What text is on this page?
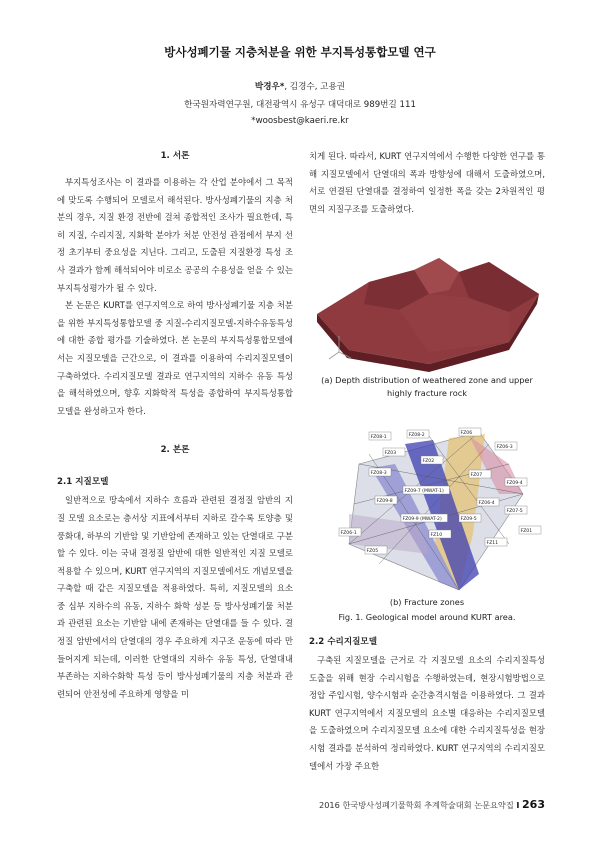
방사성폐기물 지층처분을 위한 부지특성통합모델 연구
박경우*, 김경수, 고용권
한국원자력연구원, 대전광역시 유성구 대덕대로 989번길 111
*woosbest@kaeri.re.kr
1. 서론

부지특성조사는 이 결과를 이용하는 각 산업 분야에서 그 목적에 맞도록 수행되어 모델로서 해석된다. 방사성폐기물의 지층 처분의 경우, 지질 환경 전반에 걸쳐 종합적인 조사가 필요한데, 특히 지질, 수리지질, 지화학 분야가 처분 안전성 관점에서 부지 선정 초기부터 중요성을 지닌다. 그리고, 도출된 지질환경 특성 조사 결과가 함께 해석되어야 비로소 공공의 수용성을 얻을 수 있는 부지특성평가가 될 수 있다.

본 논문은 KURT를 연구지역으로 하여 방사성폐기물 지층 처분을 위한 부지특성통합모델 중 지질-수리지질모델-지하수유동특성에 대한 종합 평가를 기술하였다. 본 논문의 부지특성통합모델에서는 지질모델을 근간으로, 이 결과를 이용하여 수리지질모델이 구축하였다. 수리지질모델 결과로 연구지역의 지하수 유동 특성을 해석하였으며, 향후 지화학적 특성을 종합하여 부지특성통합모델을 완성하고자 한다.

2. 본론
2.1 지질모델

일반적으로 땅속에서 지하수 흐름과 관련된 결정질 암반의 지질 모델 요소로는 층서상 지표에서부터 지하로 갈수록 토양층 및 풍화대, 하부의 기반암 및 기반암에 존재하고 있는 단열대로 구분할 수 있다. 이는 국내 결정질 암반에 대한 일반적인 지질 모델로 적용할 수 있으며, KURT 연구지역의 지질모델에서도 개념모델을 구축할 때 같은 지질모델을 적용하였다. 특히, 지질모델의 요소 중 심부 지하수의 유동, 지하수 화학 성분 등 방사성폐기물 처분과 관련된 요소는 기반암 내에 존재하는 단열대를 들 수 있다. 결정질 암반에서의 단열대의 경우 주요하게 지구조 운동에 따라 만들어지게 되는데, 이러한 단열대의 지하수 유동 특성, 단열대내 부존하는 지하수화학 특성 등이 방사성폐기물의 지층 처분과 관련되어 안전성에 주요하게 영향을 미

치게 된다. 따라서, KURT 연구지역에서 수행한 다양한 연구를 통해 지질모델에서 단열대의 폭과 방향성에 대해서 도출하였으며, 서로 연결된 단열대를 결정하여 일정한 폭을 갖는 2차원적인 평면의 지질구조를 도출하였다.

(a) Depth distribution of weathered zone and upper highly fracture rock
FZ08-1	FZ08-2	FZ06
FZ06-3
FZ03
FZ02
FZ07
FZ08-3
FZ09-7 (MWAT-1)
FZ09-8
FZ09-9 (MWAT-2)	FZ09-5
FZ09-4
FZ06-4
FZ05
FZ01
FZ10
FZ11
FZ07-5
FZ06-1
(b) Fracture zones
Fig. 1. Geological model around KURT area.
2.2 수리지질모델

구축된 지질모델을 근거로 각 지질모델 요소의 수리지질특성 도출을 위해 현장 수리시험을 수행하였는데, 현장시험방법으로 정압 주입시험, 양수시험과 순간충격시험을 이용하였다. 그 결과 KURT 연구지역에서 지질모델의 요소별 대응하는 수리지질모델을 도출하였으며 수리지질모델 요소에 대한 수리지질특성을 현장시험 결과를 분석하여 정리하였다. KURT 연구지역의 수리지질모델에서 가장 주요한

2016 한국방사성폐기물학회 추계학술대회 논문요약집 I 263
